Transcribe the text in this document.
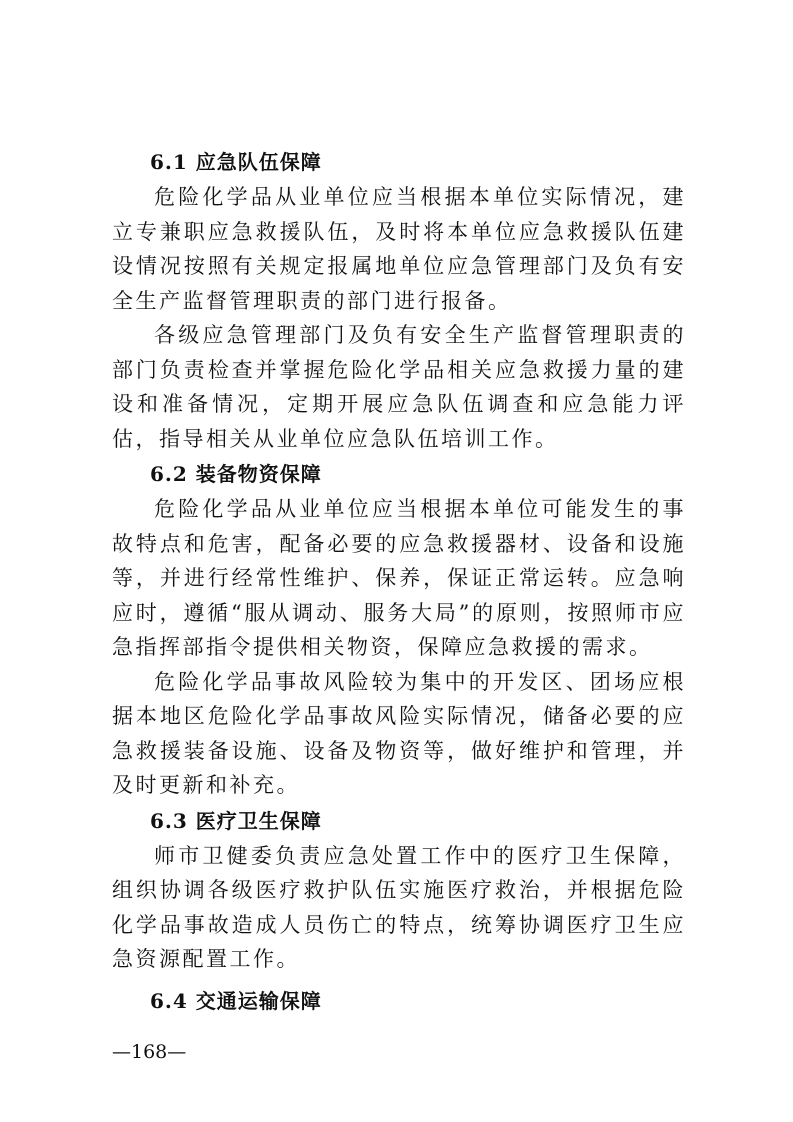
6.1 应急队伍保障

危险化学品从业单位应当根据本单位实际情况，建立专兼职应急救援队伍，及时将本单位应急救援队伍建设情况按照有关规定报属地单位应急管理部门及负有安全生产监督管理职责的部门进行报备。

各级应急管理部门及负有安全生产监督管理职责的部门负责检查并掌握危险化学品相关应急救援力量的建设和准备情况，定期开展应急队伍调查和应急能力评估，指导相关从业单位应急队伍培训工作。

6.2 装备物资保障

危险化学品从业单位应当根据本单位可能发生的事故特点和危害，配备必要的应急救援器材、设备和设施等，并进行经常性维护、保养，保证正常运转。应急响应时，遵循“服从调动、服务大局”的原则，按照师市应急指挥部指令提供相关物资，保障应急救援的需求。

危险化学品事故风险较为集中的开发区、团场应根据本地区危险化学品事故风险实际情况，储备必要的应急救援装备设施、设备及物资等，做好维护和管理，并及时更新和补充。

6.3 医疗卫生保障

师市卫健委负责应急处置工作中的医疗卫生保障，组织协调各级医疗救护队伍实施医疗救治，并根据危险化学品事故造成人员伤亡的特点，统筹协调医疗卫生应急资源配置工作。

6.4 交通运输保障
—168—
